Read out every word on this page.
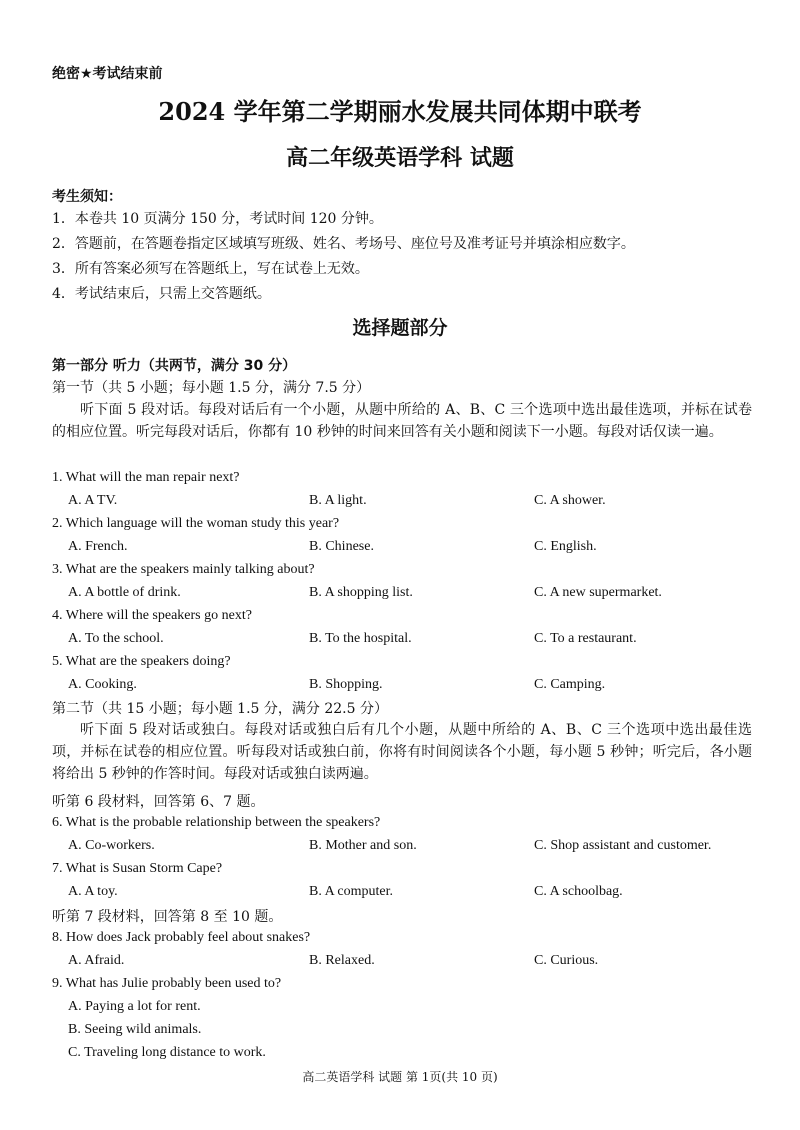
绝密★考试结束前
2024 学年第二学期丽水发展共同体期中联考
高二年级英语学科 试题
考生须知：
1．本卷共 10 页满分 150 分，考试时间 120 分钟。
2．答题前，在答题卷指定区域填写班级、姓名、考场号、座位号及准考证号并填涂相应数字。
3．所有答案必须写在答题纸上，写在试卷上无效。
4．考试结束后，只需上交答题纸。
选择题部分
第一部分 听力（共两节，满分 30 分）
第一节（共 5 小题；每小题 1.5 分，满分 7.5 分）
听下面 5 段对话。每段对话后有一个小题，从题中所给的 A、B、C 三个选项中选出最佳选项，并标在试卷的相应位置。听完每段对话后，你都有 10 秒钟的时间来回答有关小题和阅读下一小题。每段对话仅读一遍。
1. What will the man repair next?
A. A TV.	B. A light.	C. A shower.
2. Which language will the woman study this year?
A. French.	B. Chinese.	C. English.
3. What are the speakers mainly talking about?
A. A bottle of drink.	B. A shopping list.	C. A new supermarket.
4. Where will the speakers go next?
A. To the school.	B. To the hospital.	C. To a restaurant.
5. What are the speakers doing?
A. Cooking.	B. Shopping.	C. Camping.
第二节（共 15 小题；每小题 1.5 分，满分 22.5 分）
听下面 5 段对话或独白。每段对话或独白后有几个小题，从题中所给的 A、B、C 三个选项中选出最佳选项，并标在试卷的相应位置。听每段对话或独白前，你将有时间阅读各个小题，每小题 5 秒钟；听完后，各小题将给出 5 秒钟的作答时间。每段对话或独白读两遍。
听第 6 段材料，回答第 6、7 题。
6. What is the probable relationship between the speakers?
A. Co-workers.	B. Mother and son.	C. Shop assistant and customer.
7. What is Susan Storm Cape?
A. A toy.	B. A computer.	C. A schoolbag.
听第 7 段材料，回答第 8 至 10 题。
8. How does Jack probably feel about snakes?
A. Afraid.	B. Relaxed.	C. Curious.
9. What has Julie probably been used to?
A. Paying a lot for rent.
B. Seeing wild animals.
C. Traveling long distance to work.
高二英语学科 试题 第 1页(共 10 页)
